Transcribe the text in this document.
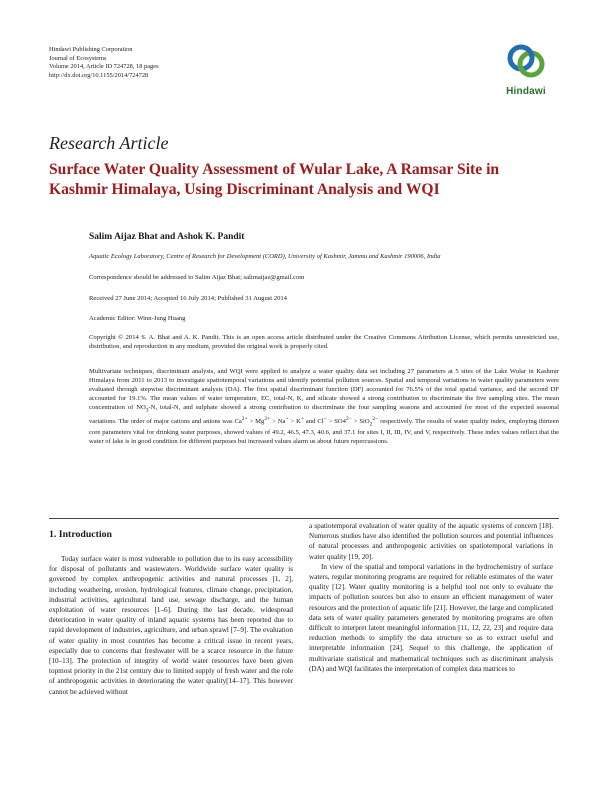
Hindawi Publishing Corporation
Journal of Ecosystems
Volume 2014, Article ID 724728, 18 pages
http://dx.doi.org/10.1155/2014/724728
Hindawi
Research Article
Surface Water Quality Assessment of Wular Lake, A Ramsar Site in Kashmir Himalaya, Using Discriminant Analysis and WQI
Salim Aijaz Bhat and Ashok K. Pandit
Aquatic Ecology Laboratory, Centre of Research for Development (CORD), University of Kashmir, Jammu and Kashmir 190006, India
Correspondence should be addressed to Salim Aijaz Bhat; salimaijaz@gmail.com
Received 27 June 2014; Accepted 16 July 2014; Published 31 August 2014
Academic Editor: Winn-Jung Huang
Copyright © 2014 S. A. Bhat and A. K. Pandit. This is an open access article distributed under the Creative Commons Attribution License, which permits unrestricted use, distribution, and reproduction in any medium, provided the original work is properly cited.
Multivariate techniques, discriminant analysis, and WQI were applied to analyze a water quality data set including 27 parameters at 5 sites of the Lake Wular in Kashmir Himalaya from 2011 to 2013 to investigate spatiotemporal variations and identify potential pollution sources. Spatial and temporal variations in water quality parameters were evaluated through stepwise discriminant analysis (DA). The first spatial discriminant function (DF) accounted for 76.5% of the total spatial variance, and the second DF accounted for 19.1%. The mean values of water temperature, EC, total-N, K, and silicate showed a strong contribution to discriminate the five sampling sites. The mean concentration of $NO_3-N$, total-N, and sulphate showed a strong contribution to discriminate the four sampling seasons and accounted for most of the expected seasonal variations. The order of major cations and anions was $Ca^{2+} > Mg^{2+} > Na^+ > K^+$ and $Cl^- > SO4^{2-} > SiO_2^{2-}$ respectively. The results of water quality index, employing thirteen core parameters vital for drinking water purposes, showed values of 49.2, 46.5, 47.3, 40.6, and 37.1 for sites I, II, III, IV, and V, respectively. These index values reflect that the water of lake is in good condition for different purposes but increased values alarm us about future repercussions.
1. Introduction

Today surface water is most vulnerable to pollution due to its easy accessibility for disposal of pollutants and wastewaters. Worldwide surface water quality is governed by complex anthropogenic activities and natural processes [1, 2], including weathering, erosion, hydrological features, climate change, precipitation, industrial activities, agricultural land use, sewage discharge, and the human exploitation of water resources [1–6]. During the last decade, widespread deterioration in water quality of inland aquatic systems has been reported due to rapid development of industries, agriculture, and urban sprawl [7–9]. The evaluation of water quality in most countries has become a critical issue in recent years, especially due to concerns that freshwater will be a scarce resource in the future [10–13]. The protection of integrity of world water resources have been given topmost priority in the 21st century due to limited supply of fresh water and the role of anthropogenic activities in deteriorating the water quality[14–17]. This however cannot be achieved without

a spatiotemporal evaluation of water quality of the aquatic systems of concern [18]. Numerous studies have also identified the pollution sources and potential influences of natural processes and anthropogenic activities on spatiotemporal variations in water quality [19, 20].

In view of the spatial and temporal variations in the hydrochemistry of surface waters, regular monitoring programs are required for reliable estimates of the water quality [12]. Water quality monitoring is a helpful tool not only to evaluate the impacts of pollution sources but also to ensure an efficient management of water resources and the protection of aquatic life [21]. However, the large and complicated data sets of water quality parameters generated by monitoring programs are often difficult to interpret latent meaningful information [11, 12, 22, 23] and require data reduction methods to simplify the data structure so as to extract useful and interpretable information [24]. Sequel to this challenge, the application of multivariate statistical and mathematical techniques such as discriminant analysis (DA) and WQI facilitates the interpretation of complex data matrices to
